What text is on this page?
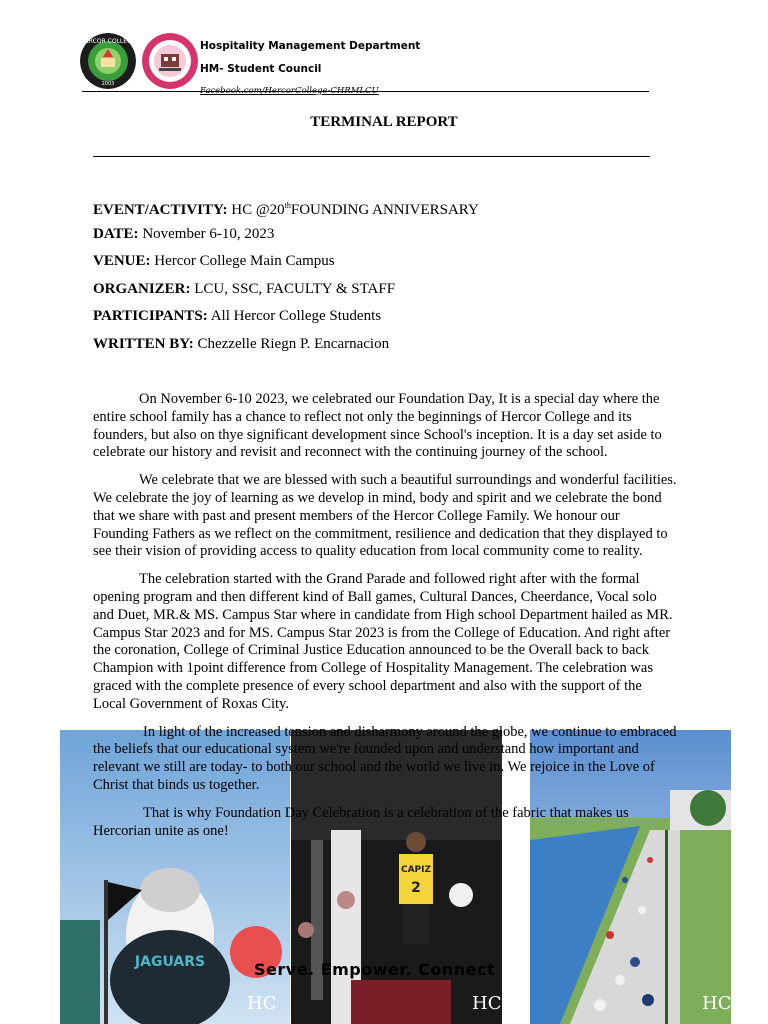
HERCOR COLLEGE
2003
Hospitality Management Department
HM- Student Council
Facebook.com/HercorCollege-CHRMLCU
TERMINAL REPORT
EVENT/ACTIVITY: HC @20thFOUNDING ANNIVERSARY
DATE: November 6-10, 2023
VENUE: Hercor College Main Campus
ORGANIZER: LCU, SSC, FACULTY & STAFF
PARTICIPANTS: All Hercor College Students
WRITTEN BY: Chezzelle Riegn P. Encarnacion
JAGUARS
CAPIZ
2

On November 6-10 2023, we celebrated our Foundation Day, It is a special day where the entire school family has a chance to reflect not only the beginnings of Hercor College and its founders, but also on thye significant development since School's inception. It is a day set aside to celebrate our history and revisit and reconnect with the continuing journey of the school.

We celebrate that we are blessed with such a beautiful surroundings and wonderful facilities. We celebrate the joy of learning as we develop in mind, body and spirit and we celebrate the bond that we share with past and present members of the Hercor College Family. We honour our Founding Fathers as we reflect on the commitment, resilience and dedication that they displayed to see their vision of providing access to quality education from local community come to reality.

The celebration started with the Grand Parade and followed right after with the formal opening program and then different kind of Ball games, Cultural Dances, Cheerdance, Vocal solo and Duet, MR.& MS. Campus Star where in candidate from High school Department hailed as MR. Campus Star 2023 and for MS. Campus Star 2023 is from the College of Education. And right after the coronation, College of Criminal Justice Education announced to be the Overall back to back Champion with 1point difference from College of Hospitality Management. The celebration was graced with the complete presence of every school department and also with the support of the Local Government of Roxas City.

In light of the increased tension and disharmony around the globe, we continue to embraced the beliefs that our educational system we're founded upon and understand how important and relevant we still are today- to both our school and the world we live in. We rejoice in the Love of Christ that binds us together.

That is why Foundation Day Celebration is a celebration of the fabric that makes us Hercorian unite as one!

Serve. Empower. Connect
HC	HC	HC
